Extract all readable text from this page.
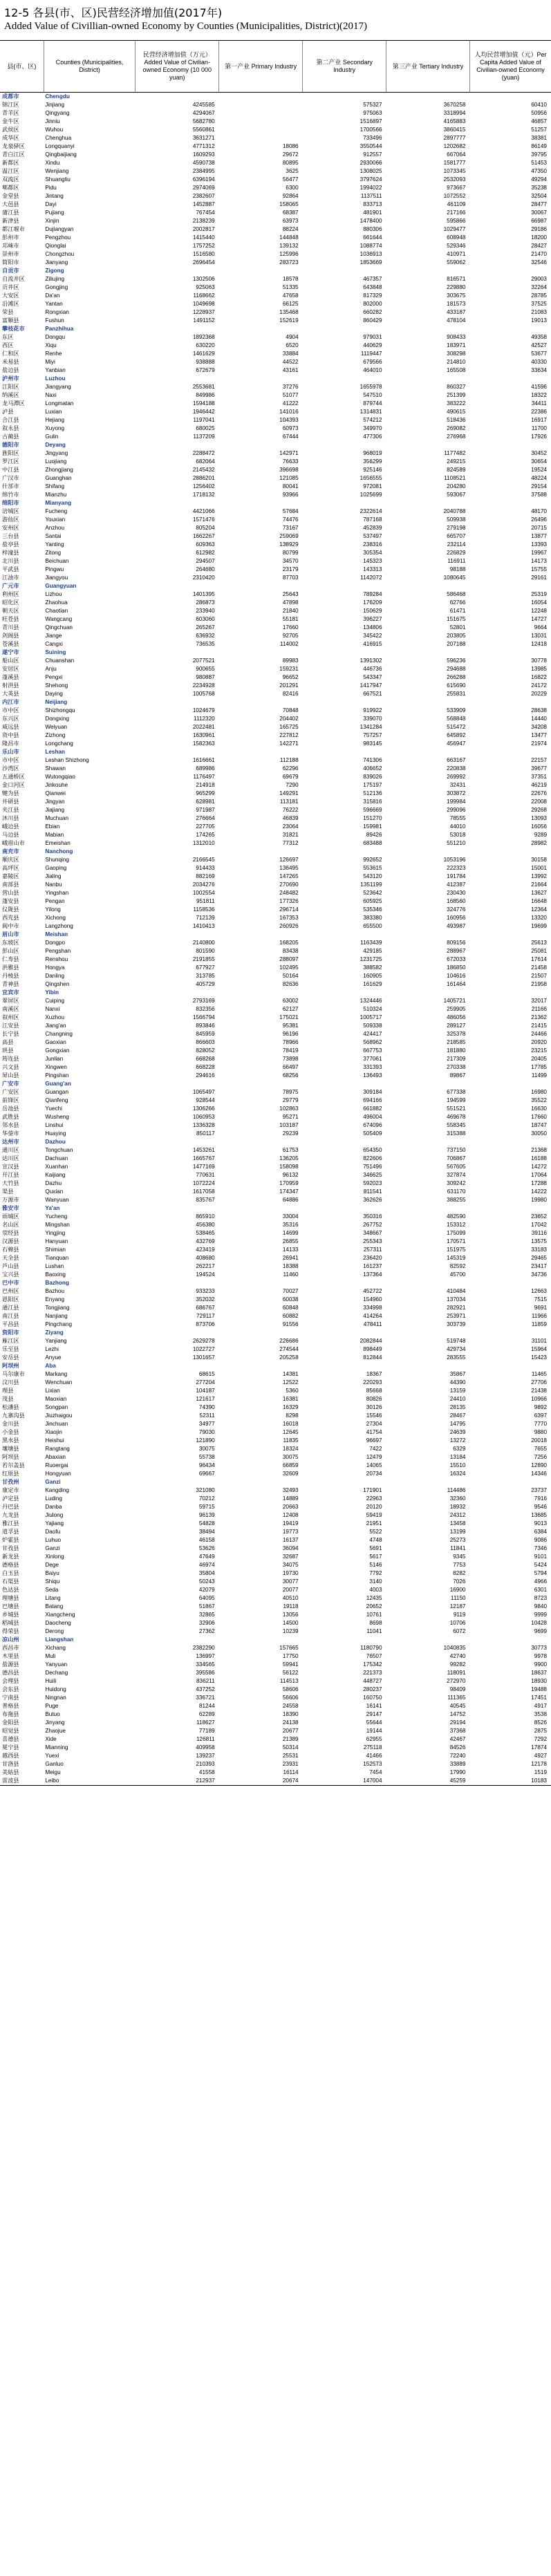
12-5 各县(市、区)民营经济增加值(2017年)
Added Value of Civillian-owned Economy by Counties (Municipalities, District)(2017)
县(市、区)	Counties (Municipalities, District)	民营经济增加值（万元）Added Value of Civilian-owned Economy (10 000 yuan)	第一产业 Primary Industry	第二产业 Secondary Industry	第三产业 Tertiary Industry	人均民营增加值（元）Per Capita Added Value of Civilian-owned Economy (yuan)
成都市	Chengdu					
锦江区	Jinjiang	4245585		575327	3670258	60410
青羊区	Qingyang	4294067		975063	3318994	50956
金牛区	Jinniu	5682780		1516897	4165883	46857
武侯区	Wuhou	5560861		1700566	3860415	51257
成华区	Chenghua	3631271		733496	2897777	38381
龙泉驿区	Longquanyi	4771312	18086	3550544	1202682	86149
青白江区	Qingbaijiang	1609293	29672	912557	667064	39795
新都区	Xindu	4590738	80895	2930066	1581777	51453
温江区	Wenjiang	2384995	3625	1308025	1073345	47350
双流区	Shuangliu	6396194	56477	3797624	2532093	49294
郫都区	Pidu	2974069	6300	1994022	973667	35238
金堂县	Jintang	2382607	92864	1137511	1072552	32504
大邑县	Dayi	1452887	158065	833713	461109	28477
蒲江县	Pujiang	767454	68387	481901	217166	30067
新津县	Xinjin	2138239	63973	1478400	595866	66987
都江堰市	Dujiangyan	2002817	88224	880306	1029477	29186
彭州市	Pengzhou	1415440	144848	661644	608948	18200
邛崃市	Qionglai	1757252	139132	1088774	529346	28427
崇州市	Chongzhou	1516580	125996	1036913	410971	21470
简阳市	Jianyang	2696454	283723	1853669	559062	32546
自贡市	Zigong					
自流井区	Ziliujing	1302506	18578	467357	816571	29003
贡井区	Gongjing	925063	51335	643848	229880	32264
大安区	Da'an	1168662	47658	817329	303675	28785
沿滩区	Yantan	1049698	66125	802000	181573	37525
荣县	Rongxian	1228937	135468	660282	433187	21083
富顺县	Fushun	1491152	152619	860429	478104	19013
攀枝花市	Panzhihua					
东区	Dongqu	1892368	4904	979031	908433	49358
西区	Xiqu	630220	6520	440629	183971	42527
仁和区	Renhe	1461629	33884	1119447	308298	53677
米易县	Miyi	938888	44522	679566	214810	40330
盐边县	Yanbian	672679	43161	464010	165508	33634
泸州市	Luzhou					
江阳区	Jiangyang	2553681	37276	1655978	860327	41596
纳溪区	Naxi	849986	51077	547510	251399	18322
龙马潭区	Longmatan	1594188	41222	879744	383222	34411
泸县	Luxian	1946442	141016	1314831	490615	22386
合江县	Hejiang	1197041	104393	574212	518436	16917
叙永县	Xuyong	680025	60973	349970	269082	11700
古蔺县	Gulin	1137209	67444	477306	276968	17926
德阳市	Deyang					
旌阳区	Jingyang	2288472	142971	968019	1177482	30452
罗江区	Luojiang	682064	76633	356299	249215	30654
中江县	Zhongjiang	2145432	396698	925146	824589	19524
广汉市	Guanghan	2886201	121085	1656555	1108521	48224
什邡市	Shifang	1256402	80041	972081	204280	29154
绵竹市	Mianzhu	1718132	93966	1025699	593067	37588
绵阳市	Mianyang					
涪城区	Fucheng	4421066	57684	2322614	2040788	48170
游仙区	Youxian	1571476	74476	787168	509938	26496
安州区	Anzhou	805204	73167	452839	279198	20715
三台县	Santai	1662267	259069	537497	665707	13877
盐亭县	Yanting	609363	138929	238316	232114	13393
梓潼县	Zitong	612982	80799	305354	226829	19967
北川县	Beichuan	294507	34570	145323	116911	14173
平武县	Pingwu	264680	23179	143313	98188	15755
江油市	Jiangyou	2310420	87703	1142072	1080645	29161
广元市	Guangyuan					
利州区	Lizhou	1401395	25643	789284	586468	25319
昭化区	Zhaohua	286873	47898	176209	62766	16054
朝天区	Chaotian	233940	21840	150629	61471	12248
旺苍县	Wangcang	603060	55181	396227	151675	14727
青川县	Qingchuan	265267	17660	134806	52801	9664
剑阁县	Jiange	636932	92705	345422	203805	13031
苍溪县	Cangxi	736535	114002	416915	207188	12418
遂宁市	Suining					
船山区	Chuanshan	2077521	89983	1391302	596236	30778
安居区	Anju	900655	159231	446736	294688	13985
蓬溪县	Pengxi	980887	96652	543347	266288	16822
射洪县	Shehong	2234928	201291	1417947	615690	24172
大英县	Daying	1005768	82416	667521	255831	20229
内江市	Neijiang					
市中区	Shizhongqu	1024679	70848	919922	533909	28638
东兴区	Dongxing	1112320	204402	339070	568848	14440
威远县	Weiyuan	2022481	165725	1341284	515472	34208
资中县	Zizhong	1630961	227812	757257	645892	13477
隆昌市	Longchang	1582363	142271	983145	456947	21974
乐山市	Leshan					
市中区	Leshan Shizhong	1616661	112188	741306	663167	22157
沙湾区	Shawan	689986	62296	406652	220838	39677
五通桥区	Wutongqiao	1176497	69679	839026	269992	37351
金口河区	Jinkouhe	214918	7290	175197	32431	46219
犍为县	Qianwei	965299	149291	512136	303872	22676
井研县	Jingyan	628981	113181	315816	199984	22008
夹江县	Jiajiang	971987	76222	596669	299096	29268
沐川县	Muchuan	276664	46839	151270	78555	13093
峨边县	Ebian	227705	23064	159981	44010	16056
马边县	Mabian	174265	31821	89426	53018	9289
峨眉山市	Emeishan	1312010	77312	683488	551210	28982
南充市	Nanchong					
顺庆区	Shunqing	2166545	126697	992652	1053196	30158
高坪区	Gaoping	914433	136495	553615	222323	15001
嘉陵区	Jialing	882169	147265	543120	191784	13992
南部县	Nanbu	2034276	270690	1351199	412387	21664
营山县	Yingshan	1002554	248482	523642	230430	13627
蓬安县	Pengan	951811	177326	605925	168560	16648
仪陇县	Yilong	1158536	296714	535346	324776	12364
西充县	Xichong	712139	167353	383380	160956	13320
阆中市	Langzhong	1410413	260926	655500	493987	19699
眉山市	Meishan					
东坡区	Dongpo	2140800	168205	1163439	809156	25613
彭山区	Pengshan	801590	83438	429185	288967	25081
仁寿县	Renshou	2191855	288097	1231725	672033	17614
洪雅县	Hongya	677927	102495	388582	186850	21458
丹棱县	Danling	313785	50164	160905	104616	21507
青神县	Qingshen	405729	82636	161629	161464	21958
宜宾市	Yibin					
翠屏区	Cuiping	2793169	63002	1324446	1405721	32017
南溪区	Nanxi	832356	62127	510324	259905	21166
叙州区	Xuzhou	1566794	175021	1005717	486056	21362
江安县	Jiang'an	893846	95381	509338	289127	21415
长宁县	Changning	845959	96196	424417	325378	24466
高县	Gaoxian	866603	78966	568962	218585	20920
珙县	Gongxian	828052	78419	667753	181880	23215
筠连县	Junlian	668268	73898	377061	217309	20405
兴文县	Xingwen	668228	66497	331393	270338	17785
屏山县	Pingshan	294616	68256	136493	89867	11499
广安市	Guang'an					
广安区	Guangan	1065497	78975	309184	677338	16980
前锋区	Qianfeng	928544	29779	694166	194599	35522
岳池县	Yuechi	1306266	102863	661882	551521	16630
武胜县	Wusheng	1060953	95271	496004	469678	17660
邻水县	Linshui	1336328	103187	674096	558345	18747
华蓥市	Huaying	850117	29239	505409	315388	30050
达州市	Dazhou					
通川区	Tongchuan	1453261	61753	654350	737150	21368
达川区	Dachuan	1665767	136205	822606	706867	16188
宣汉县	Xuanhan	1477169	158098	751496	567605	14272
开江县	Kaijiang	770631	96132	346625	327874	17064
大竹县	Dazhu	1072224	170959	592023	309242	17288
渠县	Quxian	1617058	174347	811541	631170	14222
万源市	Wanyuan	835767	64886	362626	388255	19980
雅安市	Ya'an					
雨城区	Yucheng	865910	33004	350316	482590	23652
名山区	Mingshan	456380	35316	267752	153312	17042
荥经县	Yingjing	538465	14699	348667	175099	39116
汉源县	Hanyuan	432769	26855	255343	170571	13575
石棉县	Shimian	423419	14133	257311	151975	33183
天全县	Tianquan	408680	26941	236420	145319	29465
芦山县	Lushan	262217	18388	161237	82592	23417
宝兴县	Baoxing	194524	11460	137364	45700	34736
巴中市	Bazhong					
巴州区	Bazhou	933233	70027	452722	410484	12663
恩阳区	Enyang	352032	60038	154960	137034	7515
通江县	Tongjiang	686767	60848	334998	282921	9691
南江县	Nanjiang	729117	60882	414264	253971	11966
平昌县	Pingchang	873706	91556	478411	303739	11859
资阳市	Ziyang					
雁江区	Yanjiang	2629278	226686	2082844	519748	31101
乐至县	Lezhi	1022727	274544	898449	429734	15964
安岳县	Anyue	1301657	205258	812844	283555	15423
阿坝州	Aba					
马尔康市	Markang	68615	14381	18367	35867	11465
汶川县	Wenchuan	277204	12522	220293	44390	27706
理县	Lixian	104187	5360	85668	13159	21438
茂县	Maoxian	121617	16381	80826	24410	10966
松潘县	Songpan	74390	16329	30126	28135	9892
九寨沟县	Jiuzhaigou	52311	8298	15546	28467	6397
金川县	Jinchuan	34977	16018	27304	14795	7770
小金县	Xiaojin	79030	12645	41754	24639	9880
黑水县	Heishui	121890	11835	96697	13272	20018
壤塘县	Rangtang	30075	18324	7422	6329	7655
阿坝县	Abaxian	55738	30075	12479	13184	7256
若尔盖县	Ruoergai	96434	66859	14065	15510	12890
红原县	Hongyuan	69667	32609	20734	16324	14346
甘孜州	Ganzi					
康定市	Kangding	321080	32493	171901	114486	23737
泸定县	Luding	70212	14889	22963	32360	7916
丹巴县	Danba	59715	20663	20120	18932	9546
九龙县	Jiulong	96139	12408	59419	24312	13685
雅江县	Yajiang	54828	19419	21951	13458	9013
道孚县	Daofu	38494	19773	5522	13199	6384
炉霍县	Luhuo	46158	16137	4748	25273	9086
甘孜县	Ganzi	53626	36094	5691	11841	7346
新龙县	Xinlong	47649	32687	5617	9345	9101
德格县	Dege	46974	34075	5146	7753	5424
白玉县	Baiyu	35804	19730	7792	8282	5794
石渠县	Shiqu	50243	30077	3140	7026	4966
色达县	Seda	42079	20077	4003	16900	6301
理塘县	Litang	64095	40510	12435	11150	8723
巴塘县	Batang	51867	19118	20652	12187	9840
乡城县	Xiangcheng	32865	13056	10761	9119	9999
稻城县	Daocheng	32906	14500	8698	10706	10428
得荣县	Derong	27362	10239	11041	6072	9699
凉山州	Liangshan					
西昌市	Xichang	2382290	157665	1180790	1040835	30773
木里县	Muli	136997	17750	76507	42740	9978
盐源县	Yanyuan	334565	59941	175342	99282	9900
德昌县	Dechang	395586	56122	221373	118091	18637
会理县	Huili	836211	114513	448727	272970	18930
会东县	Huidong	437252	58606	280237	98409	19488
宁南县	Ningnan	336721	56606	160750	111365	17451
普格县	Puge	81244	24558	16141	40545	4917
布拖县	Butuo	62289	18390	29147	14752	3538
金阳县	Jinyang	118627	24138	55644	29194	8526
昭觉县	Zhaojue	77189	20677	19144	37368	2875
喜德县	Xide	126811	21389	62955	42467	7292
冕宁县	Mianning	409958	50314	275118	84526	17874
越西县	Yuexi	139237	25531	41466	72240	4927
甘洛县	Ganluo	210393	23931	152573	33889	12178
美姑县	Meigu	41558	16114	7454	17990	1519
雷波县	Leibo	212937	20674	147004	45259	10183
